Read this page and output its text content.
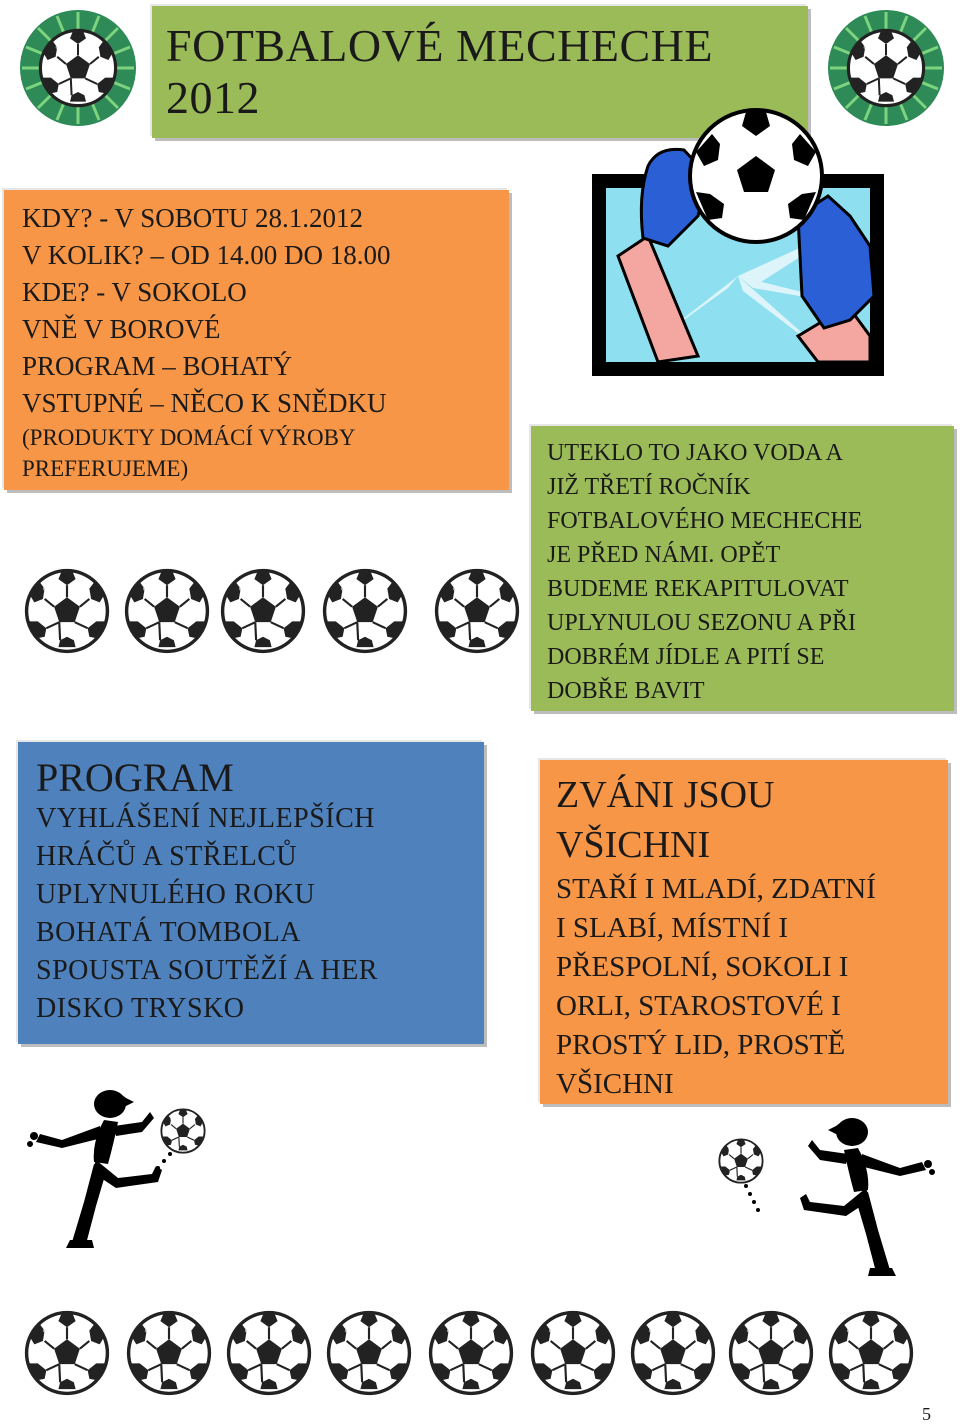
FOTBALOVÉ MECHECHE
2012
KDY? - V SOBOTU 28.1.2012
V KOLIK? – OD 14.00 DO 18.00
KDE? - V SOKOLO
VNĚ V BOROVÉ
PROGRAM – BOHATÝ
VSTUPNÉ – NĚCO K SNĚDKU
(PRODUKTY DOMÁCÍ VÝROBY
PREFERUJEME)
UTEKLO TO JAKO VODA A
JIŽ TŘETÍ ROČNÍK
FOTBALOVÉHO MECHECHE
JE PŘED NÁMI. OPĚT
BUDEME REKAPITULOVAT
UPLYNULOU SEZONU A PŘI
DOBRÉM JÍDLE A PITÍ SE
DOBŘE BAVIT
PROGRAM
VYHLÁŠENÍ NEJLEPŠÍCH
HRÁČŮ A STŘELCŮ
UPLYNULÉHO ROKU
BOHATÁ TOMBOLA
SPOUSTA SOUTĚŽÍ A HER
DISKO TRYSKO
ZVÁNI JSOU
VŠICHNI
STAŘÍ I MLADÍ, ZDATNÍ
I SLABÍ, MÍSTNÍ I
PŘESPOLNÍ, SOKOLI I
ORLI, STAROSTOVÉ I
PROSTÝ LID, PROSTĚ
VŠICHNI
5
